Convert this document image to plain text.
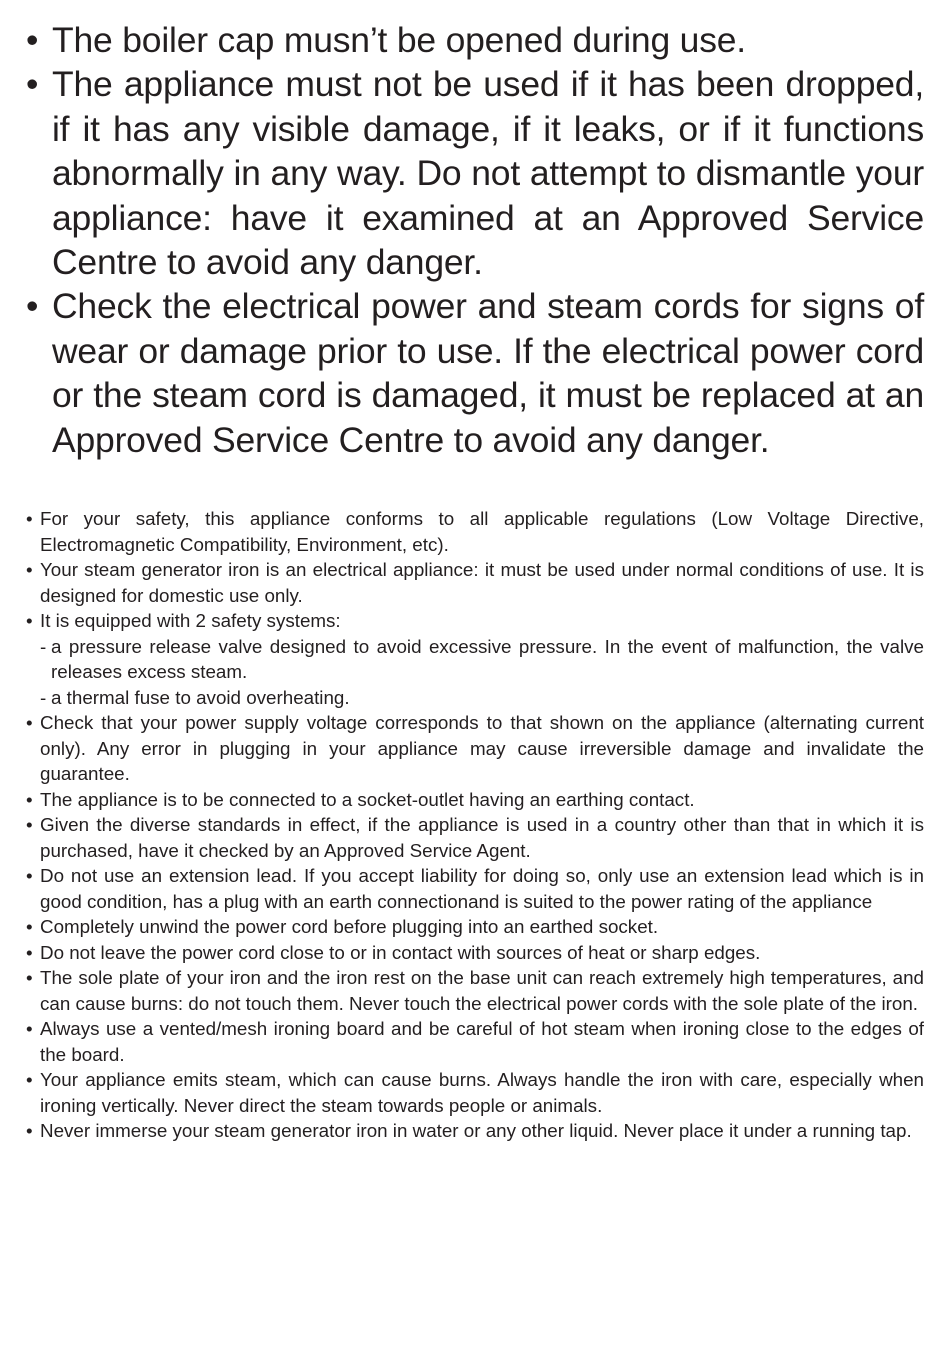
• The boiler cap musn’t be opened during use.
• The appliance must not be used if it has been dropped, if it has any visible damage, if it leaks, or if it functions abnormally in any way. Do not attempt to dismantle your appliance: have it examined at an Approved Service Centre to avoid any danger.
• Check the electrical power and steam cords for signs of wear or damage prior to use. If the electrical power cord or the steam cord is damaged, it must be replaced at an Approved Service Centre to avoid any danger.
• For your safety, this appliance conforms to all applicable regulations (Low Voltage Directive, Electromagnetic Compatibility, Environment, etc).
• Your steam generator iron is an electrical appliance: it must be used under normal conditions of use. It is designed for domestic use only.
• It is equipped with 2 safety systems:
- a pressure release valve designed to avoid excessive pressure. In the event of malfunction, the valve releases excess steam.
- a thermal fuse to avoid overheating.
• Check that your power supply voltage corresponds to that shown on the appliance (alternating current only). Any error in plugging in your appliance may cause irreversible damage and invalidate the guarantee.
• The appliance is to be connected to a socket-outlet having an earthing contact.
• Given the diverse standards in effect, if the appliance is used in a country other than that in which it is purchased, have it checked by an Approved Service Agent.
• Do not use an extension lead. If you accept liability for doing so, only use an extension lead which is in good condition, has a plug with an earth connectionand is suited to the power rating of the appliance
• Completely unwind the power cord before plugging into an earthed socket.
• Do not leave the power cord close to or in contact with sources of heat or sharp edges.
• The sole plate of your iron and the iron rest on the base unit can reach extremely high temperatures, and can cause burns: do not touch them. Never touch the electrical power cords with the sole plate of the iron.
• Always use a vented/mesh ironing board and be careful of hot steam when ironing close to the edges of the board.
• Your appliance emits steam, which can cause burns. Always handle the iron with care, especially when ironing vertically. Never direct the steam towards people or animals.
• Never immerse your steam generator iron in water or any other liquid. Never place it under a running tap.
